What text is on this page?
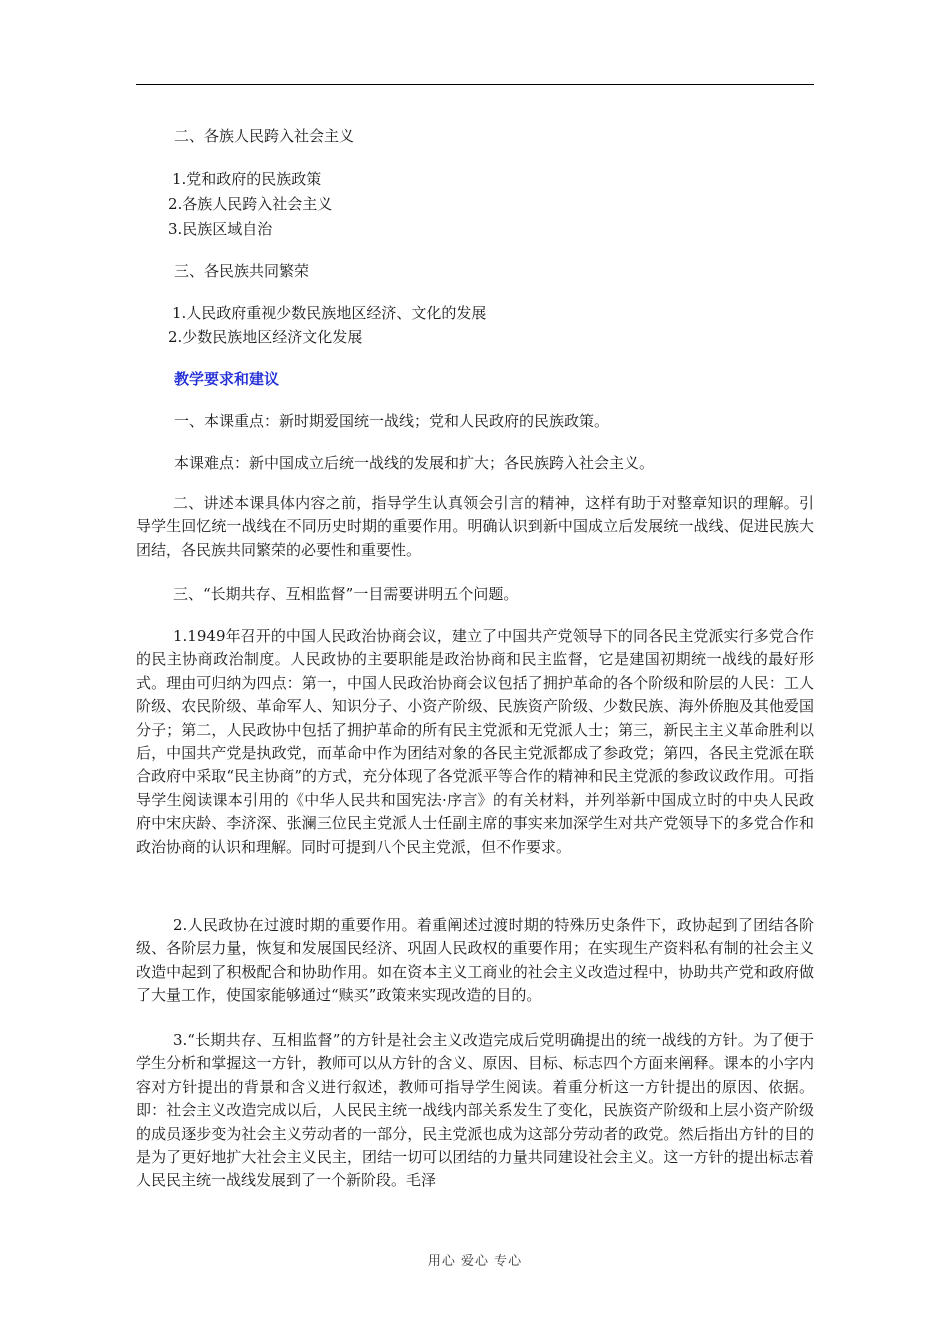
二、各族人民跨入社会主义
1.党和政府的民族政策
2.各族人民跨入社会主义
3.民族区域自治
三、各民族共同繁荣
1.人民政府重视少数民族地区经济、文化的发展
2.少数民族地区经济文化发展
教学要求和建议
一、本课重点：新时期爱国统一战线；党和人民政府的民族政策。
本课难点：新中国成立后统一战线的发展和扩大；各民族跨入社会主义。
二、讲述本课具体内容之前，指导学生认真领会引言的精神，这样有助于对整章知识的理解。引导学生回忆统一战线在不同历史时期的重要作用。明确认识到新中国成立后发展统一战线、促进民族大团结，各民族共同繁荣的必要性和重要性。
三、“长期共存、互相监督”一目需要讲明五个问题。
1.1949年召开的中国人民政治协商会议，建立了中国共产党领导下的同各民主党派实行多党合作的民主协商政治制度。人民政协的主要职能是政治协商和民主监督，它是建国初期统一战线的最好形式。理由可归纳为四点：第一，中国人民政治协商会议包括了拥护革命的各个阶级和阶层的人民：工人阶级、农民阶级、革命军人、知识分子、小资产阶级、民族资产阶级、少数民族、海外侨胞及其他爱国分子；第二，人民政协中包括了拥护革命的所有民主党派和无党派人士；第三，新民主主义革命胜利以后，中国共产党是执政党，而革命中作为团结对象的各民主党派都成了参政党；第四，各民主党派在联合政府中采取“民主协商”的方式，充分体现了各党派平等合作的精神和民主党派的参政议政作用。可指导学生阅读课本引用的《中华人民共和国宪法·序言》的有关材料，并列举新中国成立时的中央人民政府中宋庆龄、李济深、张澜三位民主党派人士任副主席的事实来加深学生对共产党领导下的多党合作和政治协商的认识和理解。同时可提到八个民主党派，但不作要求。
2.人民政协在过渡时期的重要作用。着重阐述过渡时期的特殊历史条件下，政协起到了团结各阶级、各阶层力量，恢复和发展国民经济、巩固人民政权的重要作用；在实现生产资料私有制的社会主义改造中起到了积极配合和协助作用。如在资本主义工商业的社会主义改造过程中，协助共产党和政府做了大量工作，使国家能够通过“赎买”政策来实现改造的目的。
3.“长期共存、互相监督”的方针是社会主义改造完成后党明确提出的统一战线的方针。为了便于学生分析和掌握这一方针，教师可以从方针的含义、原因、目标、标志四个方面来阐释。课本的小字内容对方针提出的背景和含义进行叙述，教师可指导学生阅读。着重分析这一方针提出的原因、依据。即：社会主义改造完成以后，人民民主统一战线内部关系发生了变化，民族资产阶级和上层小资产阶级的成员逐步变为社会主义劳动者的一部分，民主党派也成为这部分劳动者的政党。然后指出方针的目的是为了更好地扩大社会主义民主，团结一切可以团结的力量共同建设社会主义。这一方针的提出标志着人民民主统一战线发展到了一个新阶段。毛泽
用心 爱心 专心
